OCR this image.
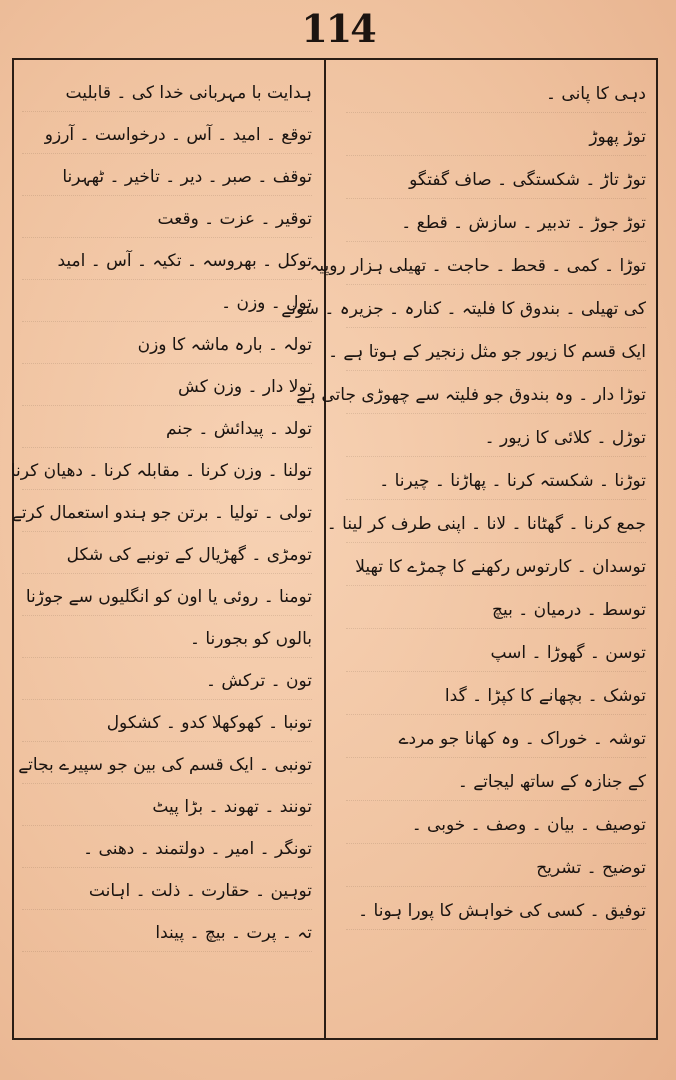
114
دہی کا پانی ۔
توڑ پھوڑ
توڑ تاڑ ۔ شکستگی ۔ صاف گفتگو
توڑ جوڑ ۔ تدبیر ۔ سازش ۔ قطع ۔
توڑا ۔ کمی ۔ قحط ۔ حاجت ۔ تھیلی ہزار روپیہ
کی تھیلی ۔ بندوق کا فلیتہ ۔ کنارہ ۔ جزیرہ ۔ سونے
ایک قسم کا زیور جو مثل زنجیر کے ہوتا ہے ۔
توڑا دار ۔ وہ بندوق جو فلیتہ سے چھوڑی جاتی ہے
توڑل ۔ کلائی کا زیور ۔
توڑنا ۔ شکستہ کرنا ۔ پھاڑنا ۔ چیرنا ۔
جمع کرنا ۔ گھٹانا ۔ لانا ۔ اپنی طرف کر لینا ۔
توسدان ۔ کارتوس رکھنے کا چمڑے کا تھیلا
توسط ۔ درمیان ۔ بیچ
توسن ۔ گھوڑا ۔ اسپ
توشک ۔ بچھانے کا کپڑا ۔ گدا
توشہ ۔ خوراک ۔ وہ کھانا جو مردے
کے جنازہ کے ساتھ لیجاتے ۔
توصیف ۔ بیان ۔ وصف ۔ خوبی ۔
توضیح ۔ تشریح
توفیق ۔ کسی کی خواہش کا پورا ہونا ۔
ہدایت با مہربانی خدا کی ۔ قابلیت
توقع ۔ امید ۔ آس ۔ درخواست ۔ آرزو
توقف ۔ صبر ۔ دیر ۔ تاخیر ۔ ٹھہرنا
توقیر ۔ عزت ۔ وقعت
توکل ۔ بھروسہ ۔ تکیہ ۔ آس ۔ امید
تول ۔ وزن ۔
تولہ ۔ بارہ ماشہ کا وزن
تولا دار ۔ وزن کش
تولد ۔ پیدائش ۔ جنم
تولنا ۔ وزن کرنا ۔ مقابلہ کرنا ۔ دھیان کرنا
تولی ۔ تولیا ۔ برتن جو ہندو استعمال کرتے
تومڑی ۔ گھڑیال کے تونبے کی شکل
تومنا ۔ روئی یا اون کو انگلیوں سے جوڑنا
بالوں کو بجورنا ۔
تون ۔ ترکش ۔
تونبا ۔ کھوکھلا کدو ۔ کشکول
تونبی ۔ ایک قسم کی بین جو سپیرے بجاتے
تونند ۔ تھوند ۔ بڑا پیٹ
تونگر ۔ امیر ۔ دولتمند ۔ دھنی ۔
توہین ۔ حقارت ۔ ذلت ۔ اہانت
تہ ۔ پرت ۔ بیچ ۔ پیندا
